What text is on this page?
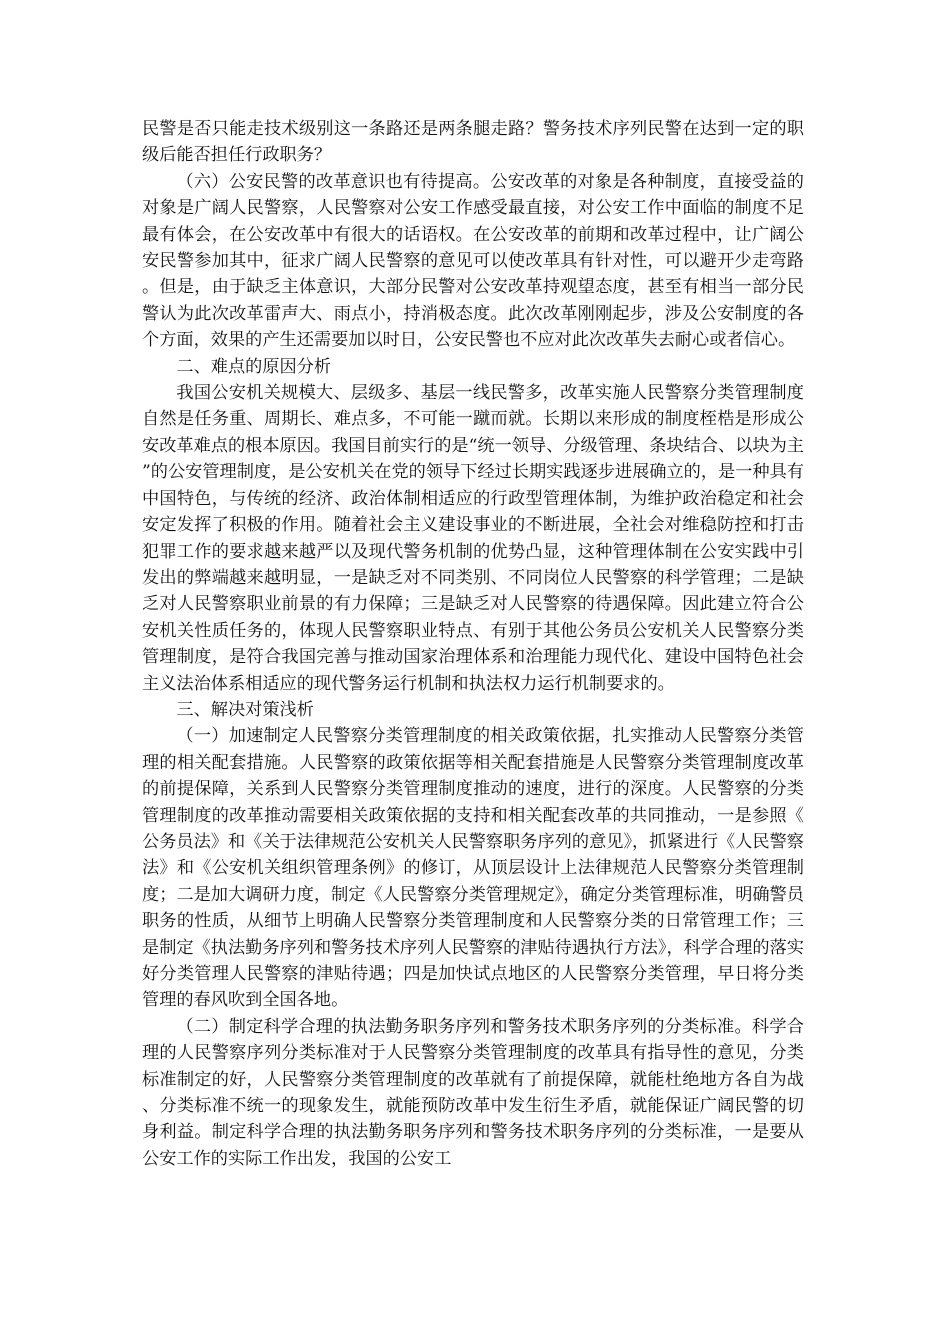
民警是否只能走技术级别这一条路还是两条腿走路？警务技术序列民警在达到一定的职级后能否担任行政职务？

（六）公安民警的改革意识也有待提高。公安改革的对象是各种制度，直接受益的对象是广阔人民警察，人民警察对公安工作感受最直接，对公安工作中面临的制度不足最有体会，在公安改革中有很大的话语权。在公安改革的前期和改革过程中，让广阔公安民警参加其中，征求广阔人民警察的意见可以使改革具有针对性，可以避开少走弯路。但是，由于缺乏主体意识，大部分民警对公安改革持观望态度，甚至有相当一部分民警认为此次改革雷声大、雨点小，持消极态度。此次改革刚刚起步，涉及公安制度的各个方面，效果的产生还需要加以时日，公安民警也不应对此次改革失去耐心或者信心。

二、难点的原因分析

我国公安机关规模大、层级多、基层一线民警多，改革实施人民警察分类管理制度自然是任务重、周期长、难点多，不可能一蹴而就。长期以来形成的制度桎梏是形成公安改革难点的根本原因。我国目前实行的是“统一领导、分级管理、条块结合、以块为主”的公安管理制度，是公安机关在党的领导下经过长期实践逐步进展确立的，是一种具有中国特色，与传统的经济、政治体制相适应的行政型管理体制，为维护政治稳定和社会安定发挥了积极的作用。随着社会主义建设事业的不断进展，全社会对维稳防控和打击犯罪工作的要求越来越严以及现代警务机制的优势凸显，这种管理体制在公安实践中引发出的弊端越来越明显，一是缺乏对不同类别、不同岗位人民警察的科学管理；二是缺乏对人民警察职业前景的有力保障；三是缺乏对人民警察的待遇保障。因此建立符合公安机关性质任务的，体现人民警察职业特点、有别于其他公务员公安机关人民警察分类管理制度，是符合我国完善与推动国家治理体系和治理能力现代化、建设中国特色社会主义法治体系相适应的现代警务运行机制和执法权力运行机制要求的。

三、解决对策浅析

（一）加速制定人民警察分类管理制度的相关政策依据，扎实推动人民警察分类管理的相关配套措施。人民警察的政策依据等相关配套措施是人民警察分类管理制度改革的前提保障，关系到人民警察分类管理制度推动的速度，进行的深度。人民警察的分类管理制度的改革推动需要相关政策依据的支持和相关配套改革的共同推动，一是参照《公务员法》和《关于法律规范公安机关人民警察职务序列的意见》，抓紧进行《人民警察法》和《公安机关组织管理条例》的修订，从顶层设计上法律规范人民警察分类管理制度；二是加大调研力度，制定《人民警察分类管理规定》，确定分类管理标准，明确警员职务的性质，从细节上明确人民警察分类管理制度和人民警察分类的日常管理工作；三是制定《执法勤务序列和警务技术序列人民警察的津贴待遇执行方法》，科学合理的落实好分类管理人民警察的津贴待遇；四是加快试点地区的人民警察分类管理，早日将分类管理的春风吹到全国各地。

（二）制定科学合理的执法勤务职务序列和警务技术职务序列的分类标准。科学合理的人民警察序列分类标准对于人民警察分类管理制度的改革具有指导性的意见，分类标准制定的好，人民警察分类管理制度的改革就有了前提保障，就能杜绝地方各自为战、分类标准不统一的现象发生，就能预防改革中发生衍生矛盾，就能保证广阔民警的切身利益。制定科学合理的执法勤务职务序列和警务技术职务序列的分类标准，一是要从公安工作的实际工作出发，我国的公安工
